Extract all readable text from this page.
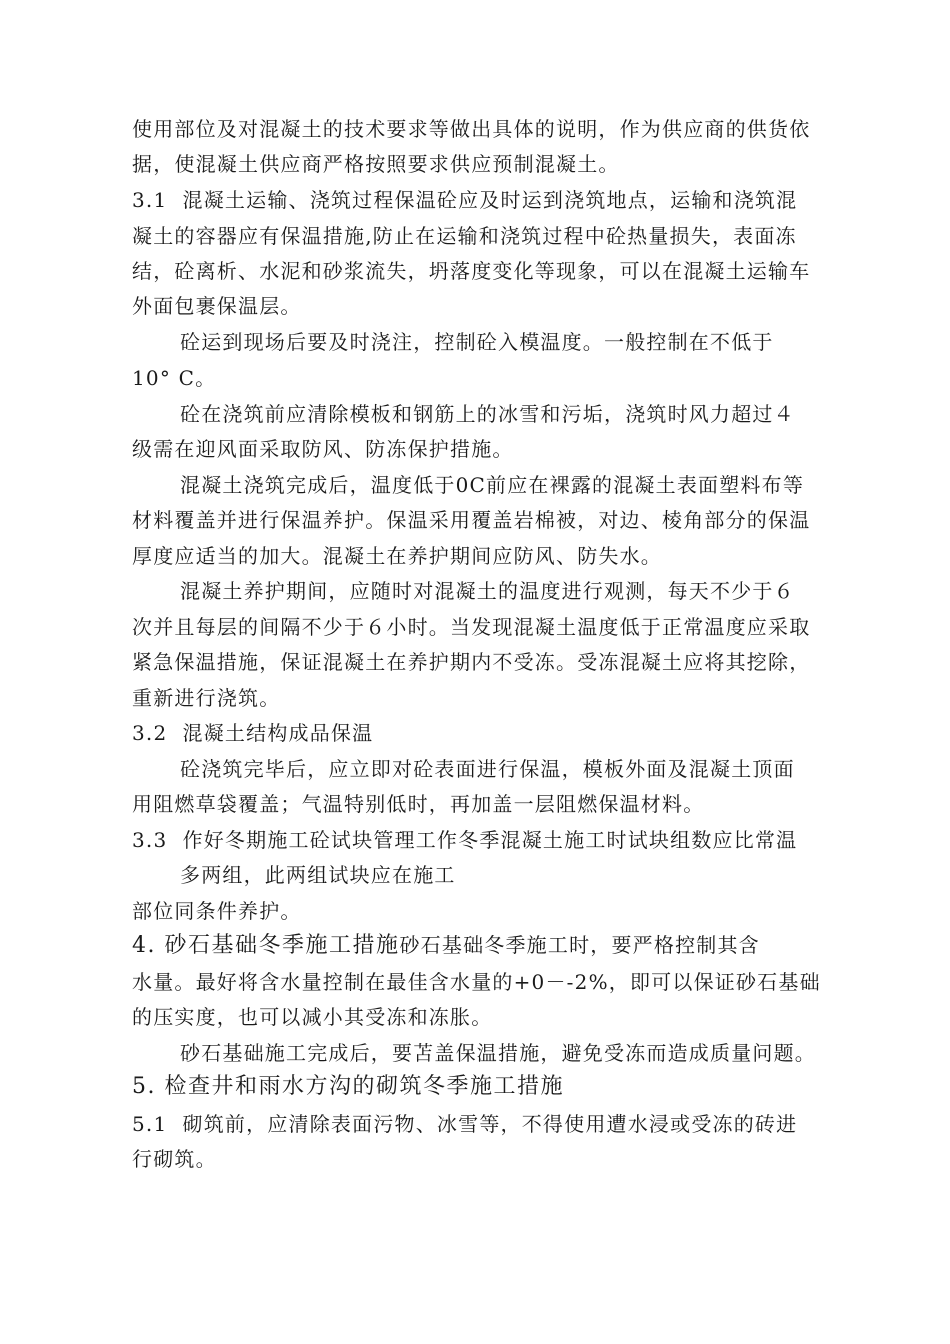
使用部位及对混凝土的技术要求等做出具体的说明，作为供应商的供货依
据，使混凝土供应商严格按照要求供应预制混凝土。
3.1  混凝土运输、浇筑过程保温砼应及时运到浇筑地点，运输和浇筑混
凝土的容器应有保温措施,防止在运输和浇筑过程中砼热量损失，表面冻
结，砼离析、水泥和砂浆流失，坍落度变化等现象，可以在混凝土运输车
外面包裹保温层。
砼运到现场后要及时浇注，控制砼入模温度。一般控制在不低于
10° C。
砼在浇筑前应清除模板和钢筋上的冰雪和污垢，浇筑时风力超过４
级需在迎风面采取防风、防冻保护措施。
混凝土浇筑完成后，温度低于0C前应在裸露的混凝土表面塑料布等
材料覆盖并进行保温养护。保温采用覆盖岩棉被，对边、棱角部分的保温
厚度应适当的加大。混凝土在养护期间应防风、防失水。
混凝土养护期间，应随时对混凝土的温度进行观测，每天不少于６
次并且每层的间隔不少于６小时。当发现混凝土温度低于正常温度应采取
紧急保温措施，保证混凝土在养护期内不受冻。受冻混凝土应将其挖除，
重新进行浇筑。
3.2  混凝土结构成品保温
砼浇筑完毕后，应立即对砼表面进行保温，模板外面及混凝土顶面
用阻燃草袋覆盖；气温特别低时，再加盖一层阻燃保温材料。
3.3  作好冬期施工砼试块管理工作冬季混凝土施工时试块组数应比常温
多两组，此两组试块应在施工
部位同条件养护。
4. 砂石基础冬季施工措施砂石基础冬季施工时，要严格控制其含
水量。最好将含水量控制在最佳含水量的+0－-2%，即可以保证砂石基础
的压实度，也可以减小其受冻和冻胀。
砂石基础施工完成后，要苫盖保温措施，避免受冻而造成质量问题。
5. 检查井和雨水方沟的砌筑冬季施工措施
5.1  砌筑前，应清除表面污物、冰雪等，不得使用遭水浸或受冻的砖进
行砌筑。
